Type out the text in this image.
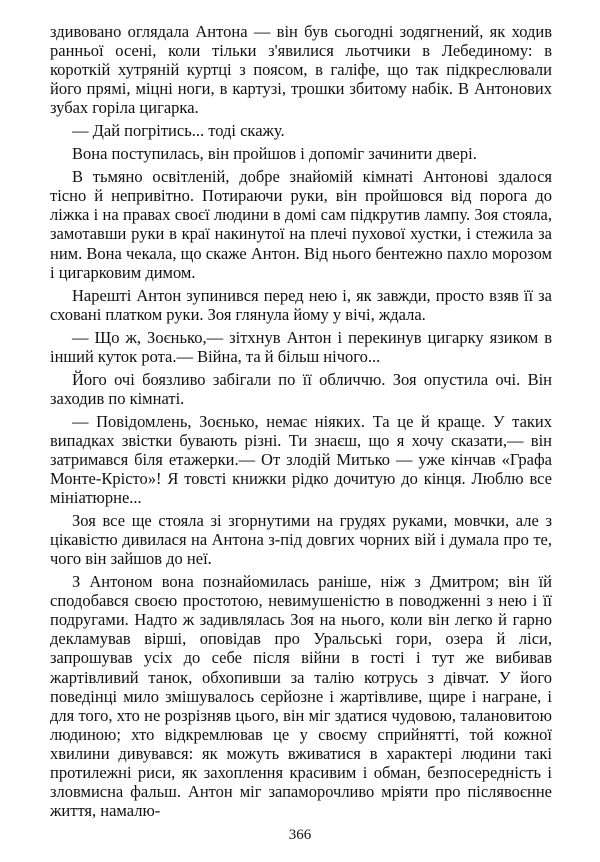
здивовано оглядала Антона — він був сьогодні зодягнений, як ходив ранньої осені, коли тільки з'явилися льотчики в Лебединому: в короткій хутряній куртці з поясом, в галіфе, що так підкреслювали його прямі, міцні ноги, в картузі, трошки збитому набік. В Антонових зубах горіла цигарка.

— Дай погрітись... тоді скажу.

Вона поступилась, він пройшов і допоміг зачинити двері.

В тьмяно освітленій, добре знайомій кімнаті Антонові здалося тісно й непривітно. Потираючи руки, він пройшовся від порога до ліжка і на правах своєї людини в домі сам підкрутив лампу. Зоя стояла, замотавши руки в краї накинутої на плечі пухової хустки, і стежила за ним. Вона чекала, що скаже Антон. Від нього бентежно пахло морозом і цигарковим димом.

Нарешті Антон зупинився перед нею і, як завжди, просто взяв її за сховані платком руки. Зоя глянула йому у вічі, ждала.

— Що ж, Зоєнько,— зітхнув Антон і перекинув цигарку язиком в інший куток рота.— Війна, та й більш нічого...

Його очі боязливо забігали по її обличчю. Зоя опустила очі. Він заходив по кімнаті.

— Повідомлень, Зоєнько, немає ніяких. Та це й краще. У таких випадках звістки бувають різні. Ти знаєш, що я хочу сказати,— він затримався біля етажерки.— От злодій Митько — уже кінчав «Графа Монте-Крісто»! Я товсті книжки рідко дочитую до кінця. Люблю все мініатюрне...

Зоя все ще стояла зі згорнутими на грудях руками, мовчки, але з цікавістю дивилася на Антона з-під довгих чорних вій і думала про те, чого він зайшов до неї.

З Антоном вона познайомилась раніше, ніж з Дмитром; він їй сподобався своєю простотою, невимушеністю в поводженні з нею і її подругами. Надто ж задивлялась Зоя на нього, коли він легко й гарно декламував вірші, оповідав про Уральські гори, озера й ліси, запрошував усіх до себе після війни в гості і тут же вибивав жартівливий танок, обхопивши за талію котрусь з дівчат. У його поведінці мило змішувалось серйозне і жартівливе, щире і награне, і для того, хто не розрізняв цього, він міг здатися чудовою, талановитою людиною; хто відкремлював це у своєму сприйнятті, той кожної хвилини дивувався: як можуть вживатися в характері людини такі протилежні риси, як захоплення красивим і обман, безпосередність і зловмисна фальш. Антон міг запаморочливо мріяти про післявоєнне життя, намалю-

366
